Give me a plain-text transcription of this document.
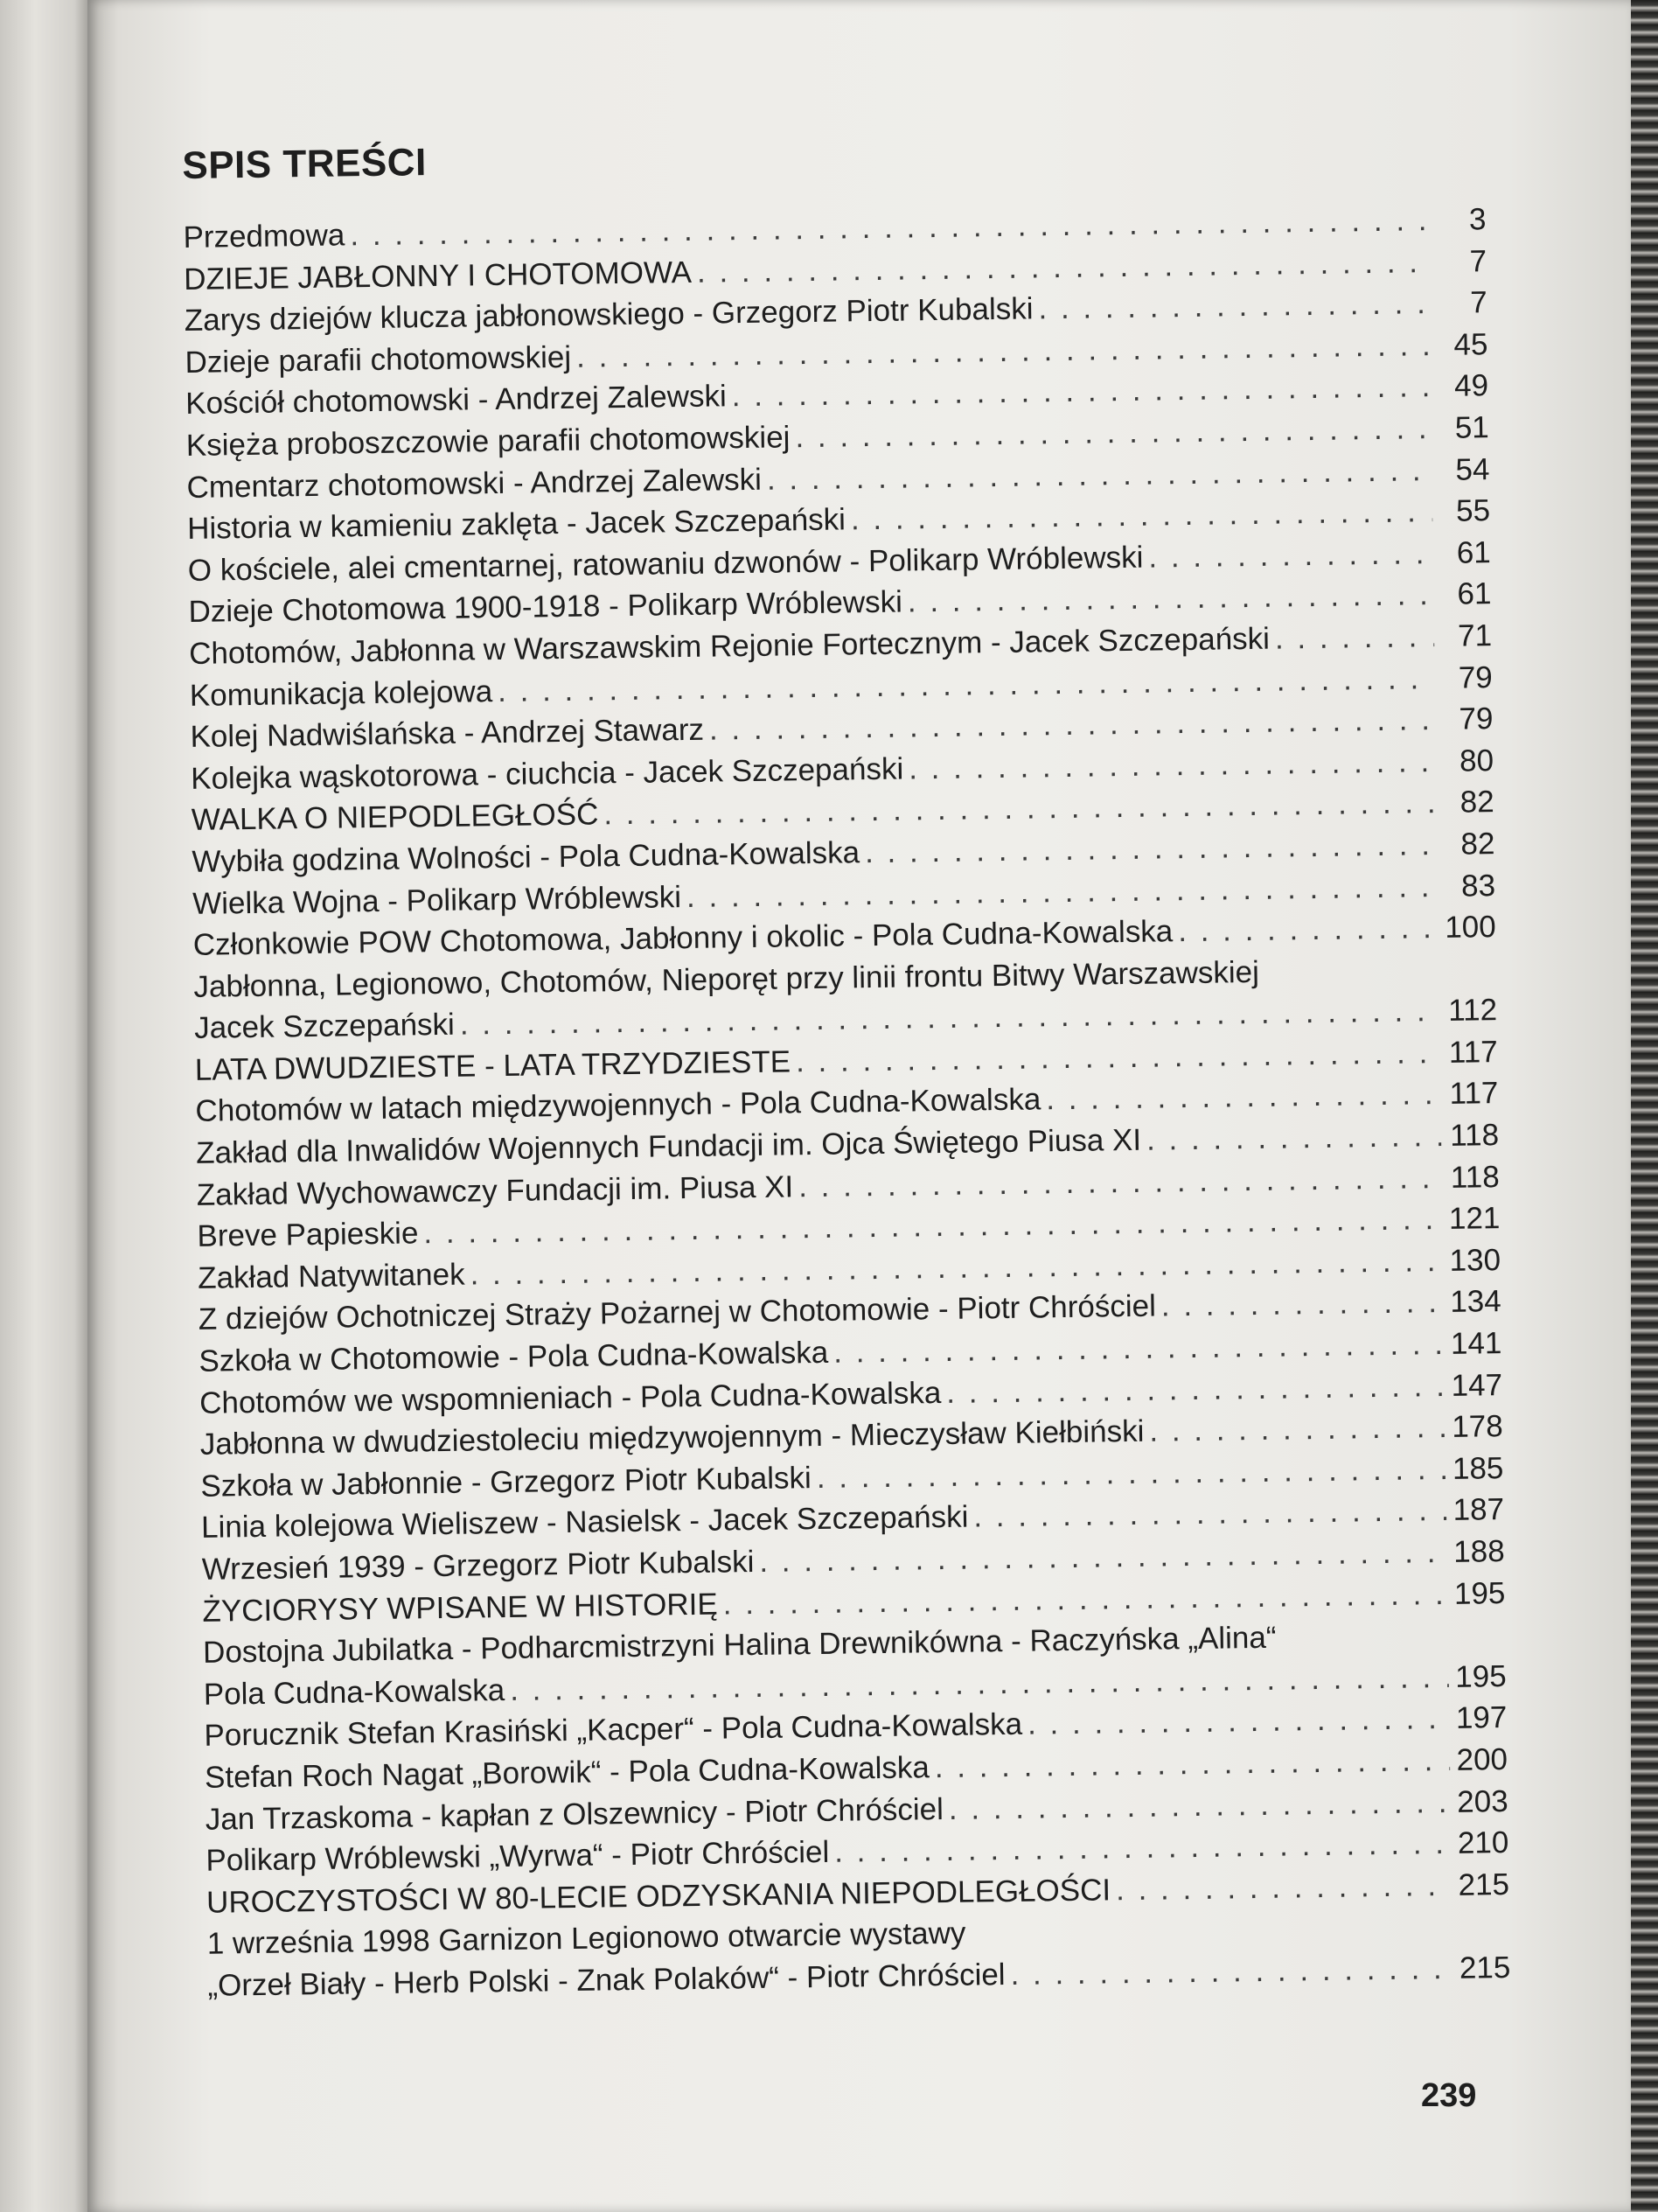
SPIS TREŚCI
Przedmowa . . .	3
DZIEJE JABŁONNY I CHOTOMOWA . . .	7
Zarys dziejów klucza jabłonowskiego - Grzegorz Piotr Kubalski . . .	7
Dzieje parafii chotomowskiej . . .	45
Kościół chotomowski - Andrzej Zalewski . . .	49
Księża proboszczowie parafii chotomowskiej . . .	51
Cmentarz chotomowski - Andrzej Zalewski . . .	54
Historia w kamieniu zaklęta - Jacek Szczepański . . .	55
O kościele, alei cmentarnej, ratowaniu dzwonów - Polikarp Wróblewski . . .	61
Dzieje Chotomowa 1900-1918 - Polikarp Wróblewski . . .	61
Chotomów, Jabłonna w Warszawskim Rejonie Fortecznym - Jacek Szczepański . . .	71
Komunikacja kolejowa . . .	79
Kolej Nadwiślańska - Andrzej Stawarz . . .	79
Kolejka wąskotorowa - ciuchcia - Jacek Szczepański . . .	80
WALKA O NIEPODLEGŁOŚĆ . . .	82
Wybiła godzina Wolności - Pola Cudna-Kowalska . . .	82
Wielka Wojna - Polikarp Wróblewski . . .	83
Członkowie POW Chotomowa, Jabłonny i okolic - Pola Cudna-Kowalska . . .	100
Jabłonna, Legionowo, Chotomów, Nieporęt przy linii frontu Bitwy Warszawskiej
Jacek Szczepański . . .	112
LATA DWUDZIESTE - LATA TRZYDZIESTE . . .	117
Chotomów w latach międzywojennych - Pola Cudna-Kowalska . . .	117
Zakład dla Inwalidów Wojennych Fundacji im. Ojca Świętego Piusa XI . . .	118
Zakład Wychowawczy Fundacji im. Piusa XI . . .	118
Breve Papieskie . . .	121
Zakład Natywitanek . . .	130
Z dziejów Ochotniczej Straży Pożarnej w Chotomowie - Piotr Chróściel . . .	134
Szkoła w Chotomowie - Pola Cudna-Kowalska . . .	141
Chotomów we wspomnieniach - Pola Cudna-Kowalska . . .	147
Jabłonna w dwudziestoleciu międzywojennym - Mieczysław Kiełbiński . . .	178
Szkoła w Jabłonnie - Grzegorz Piotr Kubalski . . .	185
Linia kolejowa Wieliszew - Nasielsk - Jacek Szczepański . . .	187
Wrzesień 1939 - Grzegorz Piotr Kubalski . . .	188
ŻYCIORYSY WPISANE W HISTORIĘ . . .	195
Dostojna Jubilatka - Podharcmistrzyni Halina Drewnikówna - Raczyńska „Alina“
Pola Cudna-Kowalska . . .	195
Porucznik Stefan Krasiński „Kacper“ - Pola Cudna-Kowalska . . .	197
Stefan Roch Nagat „Borowik“ - Pola Cudna-Kowalska . . .	200
Jan Trzaskoma - kapłan z Olszewnicy - Piotr Chróściel . . .	203
Polikarp Wróblewski „Wyrwa“ - Piotr Chróściel . . .	210
UROCZYSTOŚCI W 80-LECIE ODZYSKANIA NIEPODLEGŁOŚCI . . .	215
1 września 1998 Garnizon Legionowo otwarcie wystawy
„Orzeł Biały - Herb Polski - Znak Polaków“ - Piotr Chróściel . . .	215
239
